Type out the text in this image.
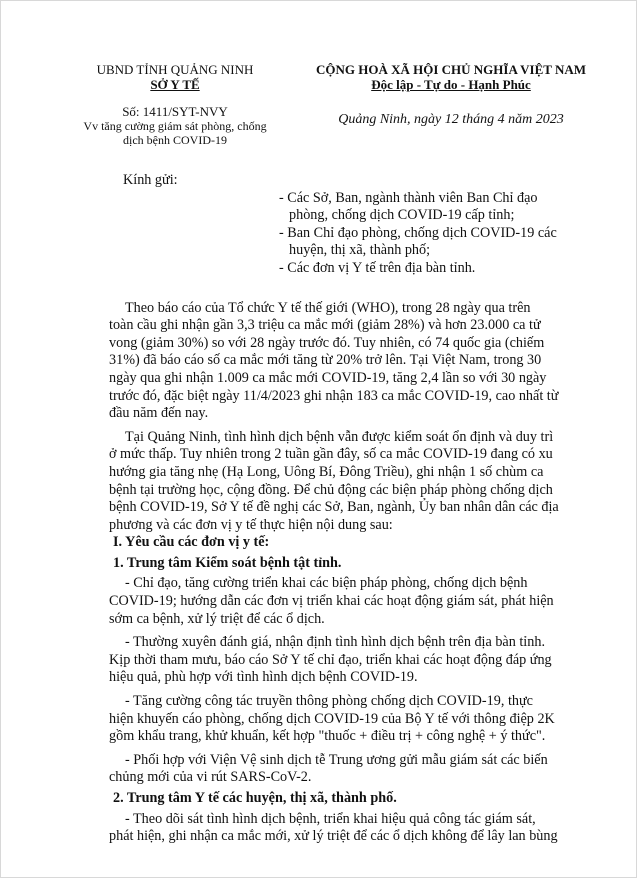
UBND TỈNH QUẢNG NINH
SỞ Y TẾ
Số: 1411/SYT-NVY
Vv tăng cường giám sát phòng, chống
dịch bệnh COVID-19
CỘNG HOÀ XÃ HỘI CHỦ NGHĨA VIỆT NAM
Độc lập - Tự do - Hạnh Phúc
Quảng Ninh, ngày 12 tháng 4 năm 2023
Kính gửi:
- Các Sở, Ban, ngành thành viên Ban Chỉ đạo
phòng, chống dịch COVID-19 cấp tỉnh;
- Ban Chỉ đạo phòng, chống dịch COVID-19 các
huyện, thị xã, thành phố;
- Các đơn vị Y tế trên địa bàn tỉnh.
Theo báo cáo của Tổ chức Y tế thế giới (WHO), trong 28 ngày qua trên
toàn cầu ghi nhận gần 3,3 triệu ca mắc mới (giảm 28%) và hơn 23.000 ca tử
vong (giảm 30%) so với 28 ngày trước đó. Tuy nhiên, có 74 quốc gia (chiếm
31%) đã báo cáo số ca mắc mới tăng từ 20% trở lên. Tại Việt Nam, trong 30
ngày qua ghi nhận 1.009 ca mắc mới COVID-19, tăng 2,4 lần so với 30 ngày
trước đó, đặc biệt ngày 11/4/2023 ghi nhận 183 ca mắc COVID-19, cao nhất từ
đầu năm đến nay.
Tại Quảng Ninh, tình hình dịch bệnh vẫn được kiểm soát ổn định và duy trì
ở mức thấp. Tuy nhiên trong 2 tuần gần đây, số ca mắc COVID-19 đang có xu
hướng gia tăng nhẹ (Hạ Long, Uông Bí, Đông Triều), ghi nhận 1 số chùm ca
bệnh tại trường học, cộng đồng. Để chủ động các biện pháp phòng chống dịch
bệnh COVID-19, Sở Y tế đề nghị các Sở, Ban, ngành, Ủy ban nhân dân các địa
phương và các đơn vị y tế thực hiện nội dung sau:
I. Yêu cầu các đơn vị y tế:
1. Trung tâm Kiểm soát bệnh tật tỉnh.
- Chỉ đạo, tăng cường triển khai các biện pháp phòng, chống dịch bệnh
COVID-19; hướng dẫn các đơn vị triển khai các hoạt động giám sát, phát hiện
sớm ca bệnh, xử lý triệt để các ổ dịch.
- Thường xuyên đánh giá, nhận định tình hình dịch bệnh trên địa bàn tỉnh.
Kịp thời tham mưu, báo cáo Sở Y tế chỉ đạo, triển khai các hoạt động đáp ứng
hiệu quả, phù hợp với tình hình dịch bệnh COVID-19.
- Tăng cường công tác truyền thông phòng chống dịch COVID-19, thực
hiện khuyến cáo phòng, chống dịch COVID-19 của Bộ Y tế với thông điệp 2K
gồm khẩu trang, khử khuẩn, kết hợp "thuốc + điều trị + công nghệ + ý thức".
- Phối hợp với Viện Vệ sinh dịch tễ Trung ương gửi mẫu giám sát các biến
chủng mới của vi rút SARS-CoV-2.
2. Trung tâm Y tế các huyện, thị xã, thành phố.
- Theo dõi sát tình hình dịch bệnh, triển khai hiệu quả công tác giám sát,
phát hiện, ghi nhận ca mắc mới, xử lý triệt để các ổ dịch không để lây lan bùng
